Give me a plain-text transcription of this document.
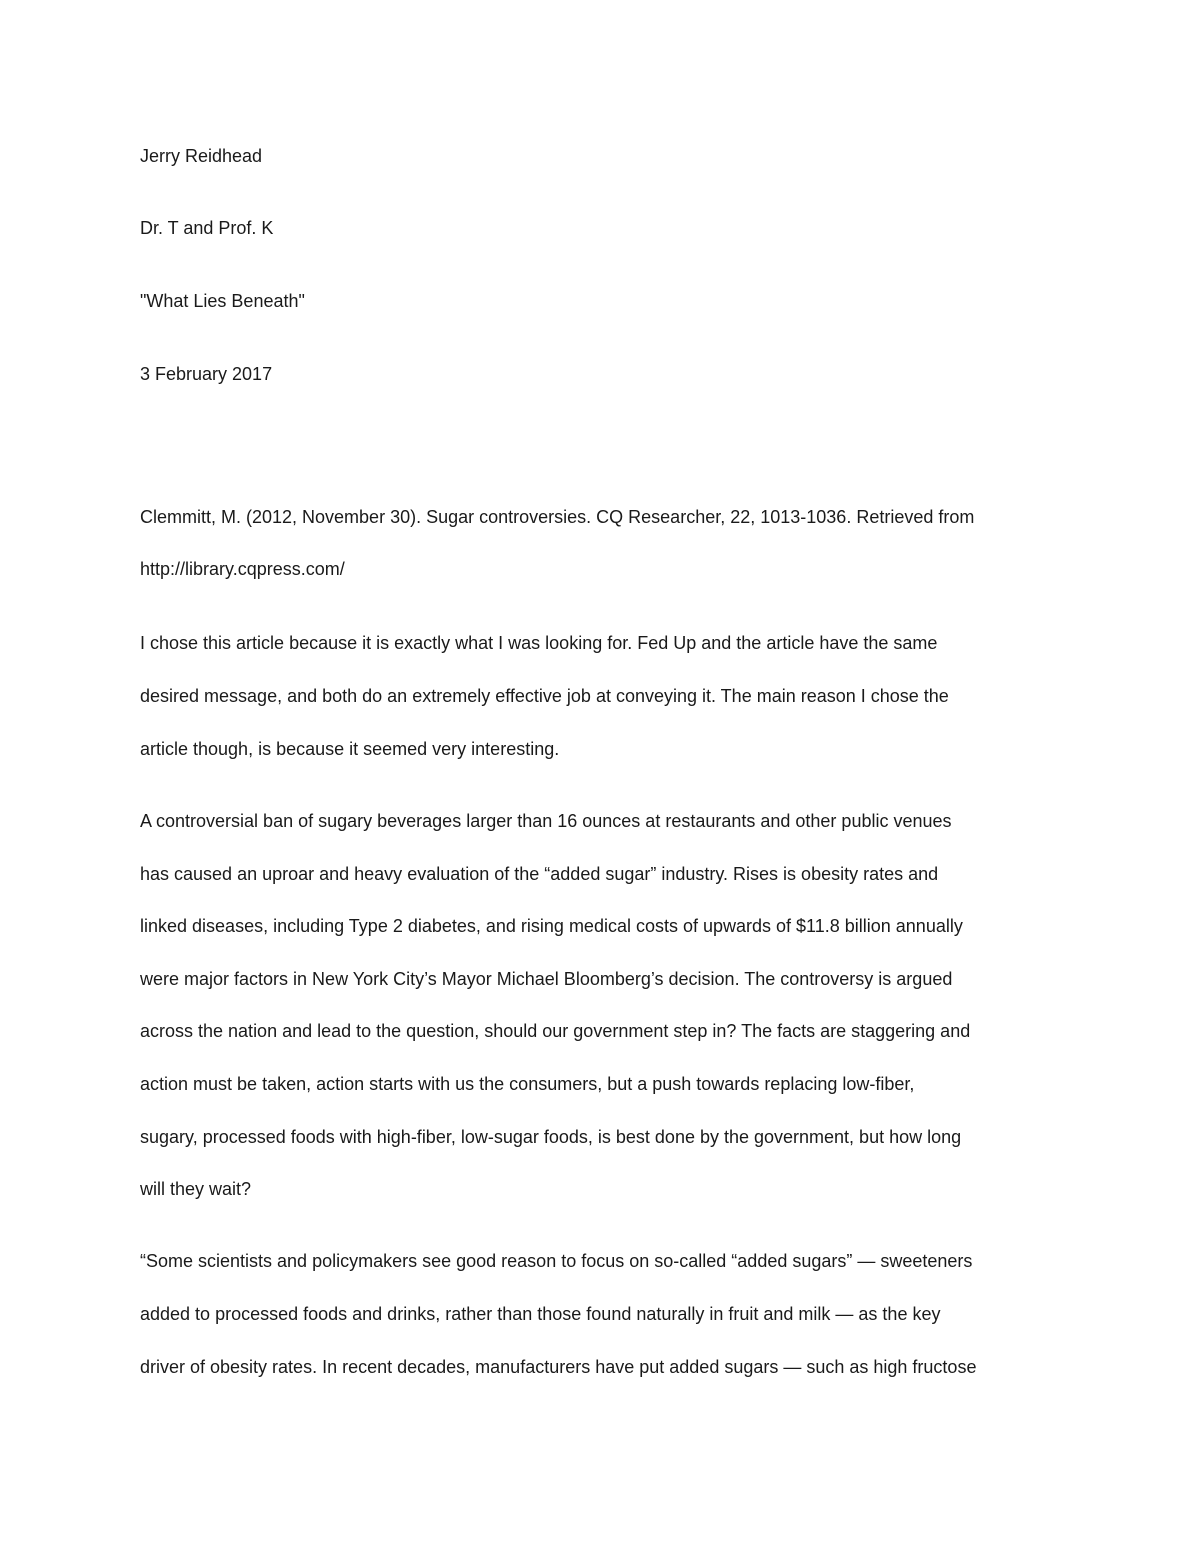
Jerry Reidhead
Dr. T and Prof. K
"What Lies Beneath"
3 February 2017
Clemmitt, M. (2012, November 30). Sugar controversies. CQ Researcher, 22, 1013-1036. Retrieved from
http://library.cqpress.com/
I chose this article because it is exactly what I was looking for. Fed Up and the article have the same
desired message, and both do an extremely effective job at conveying it. The main reason I chose the
article though, is because it seemed very interesting.
A controversial ban of sugary beverages larger than 16 ounces at restaurants and other public venues
has caused an uproar and heavy evaluation of the “added sugar” industry. Rises is obesity rates and
linked diseases, including Type 2 diabetes, and rising medical costs of upwards of $11.8 billion annually
were major factors in New York City’s Mayor Michael Bloomberg’s decision. The controversy is argued
across the nation and lead to the question, should our government step in? The facts are staggering and
action must be taken, action starts with us the consumers, but a push towards replacing low-fiber,
sugary, processed foods with high-fiber, low-sugar foods, is best done by the government, but how long
will they wait?
“Some scientists and policymakers see good reason to focus on so-called “added sugars” — sweeteners
added to processed foods and drinks, rather than those found naturally in fruit and milk — as the key
driver of obesity rates. In recent decades, manufacturers have put added sugars — such as high fructose
